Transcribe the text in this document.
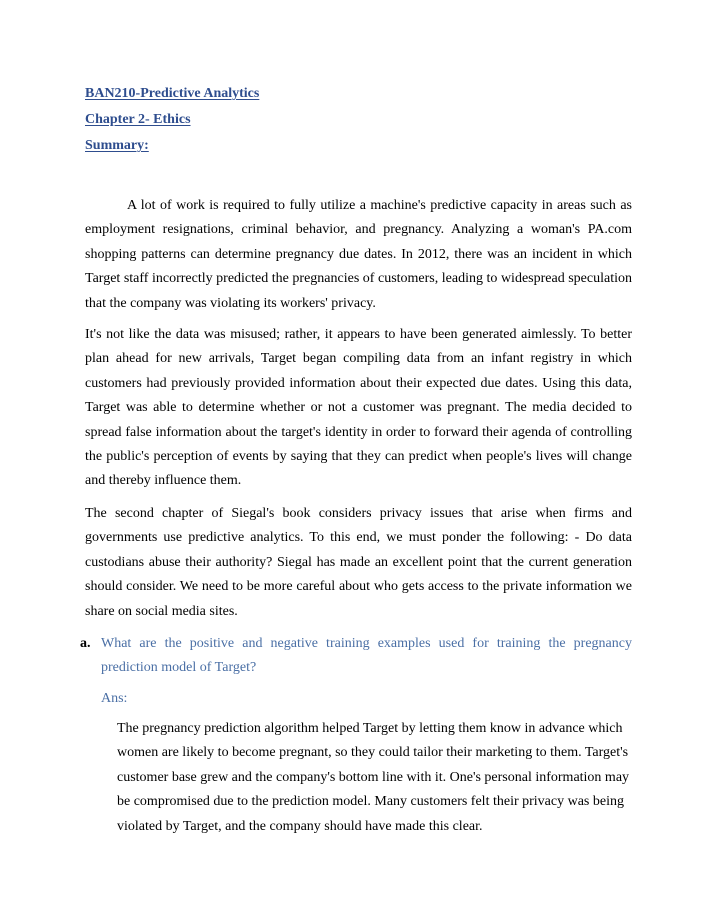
BAN210-Predictive Analytics
Chapter 2- Ethics
Summary:

A lot of work is required to fully utilize a machine's predictive capacity in areas such as employment resignations, criminal behavior, and pregnancy. Analyzing a woman's PA.com shopping patterns can determine pregnancy due dates. In 2012, there was an incident in which Target staff incorrectly predicted the pregnancies of customers, leading to widespread speculation that the company was violating its workers' privacy.

It's not like the data was misused; rather, it appears to have been generated aimlessly. To better plan ahead for new arrivals, Target began compiling data from an infant registry in which customers had previously provided information about their expected due dates. Using this data, Target was able to determine whether or not a customer was pregnant. The media decided to spread false information about the target's identity in order to forward their agenda of controlling the public's perception of events by saying that they can predict when people's lives will change and thereby influence them.

The second chapter of Siegal's book considers privacy issues that arise when firms and governments use predictive analytics. To this end, we must ponder the following: - Do data custodians abuse their authority? Siegal has made an excellent point that the current generation should consider. We need to be more careful about who gets access to the private information we share on social media sites.

a. What are the positive and negative training examples used for training the pregnancy prediction model of Target?

Ans:

The pregnancy prediction algorithm helped Target by letting them know in advance which women are likely to become pregnant, so they could tailor their marketing to them. Target's customer base grew and the company's bottom line with it. One's personal information may be compromised due to the prediction model. Many customers felt their privacy was being violated by Target, and the company should have made this clear.
